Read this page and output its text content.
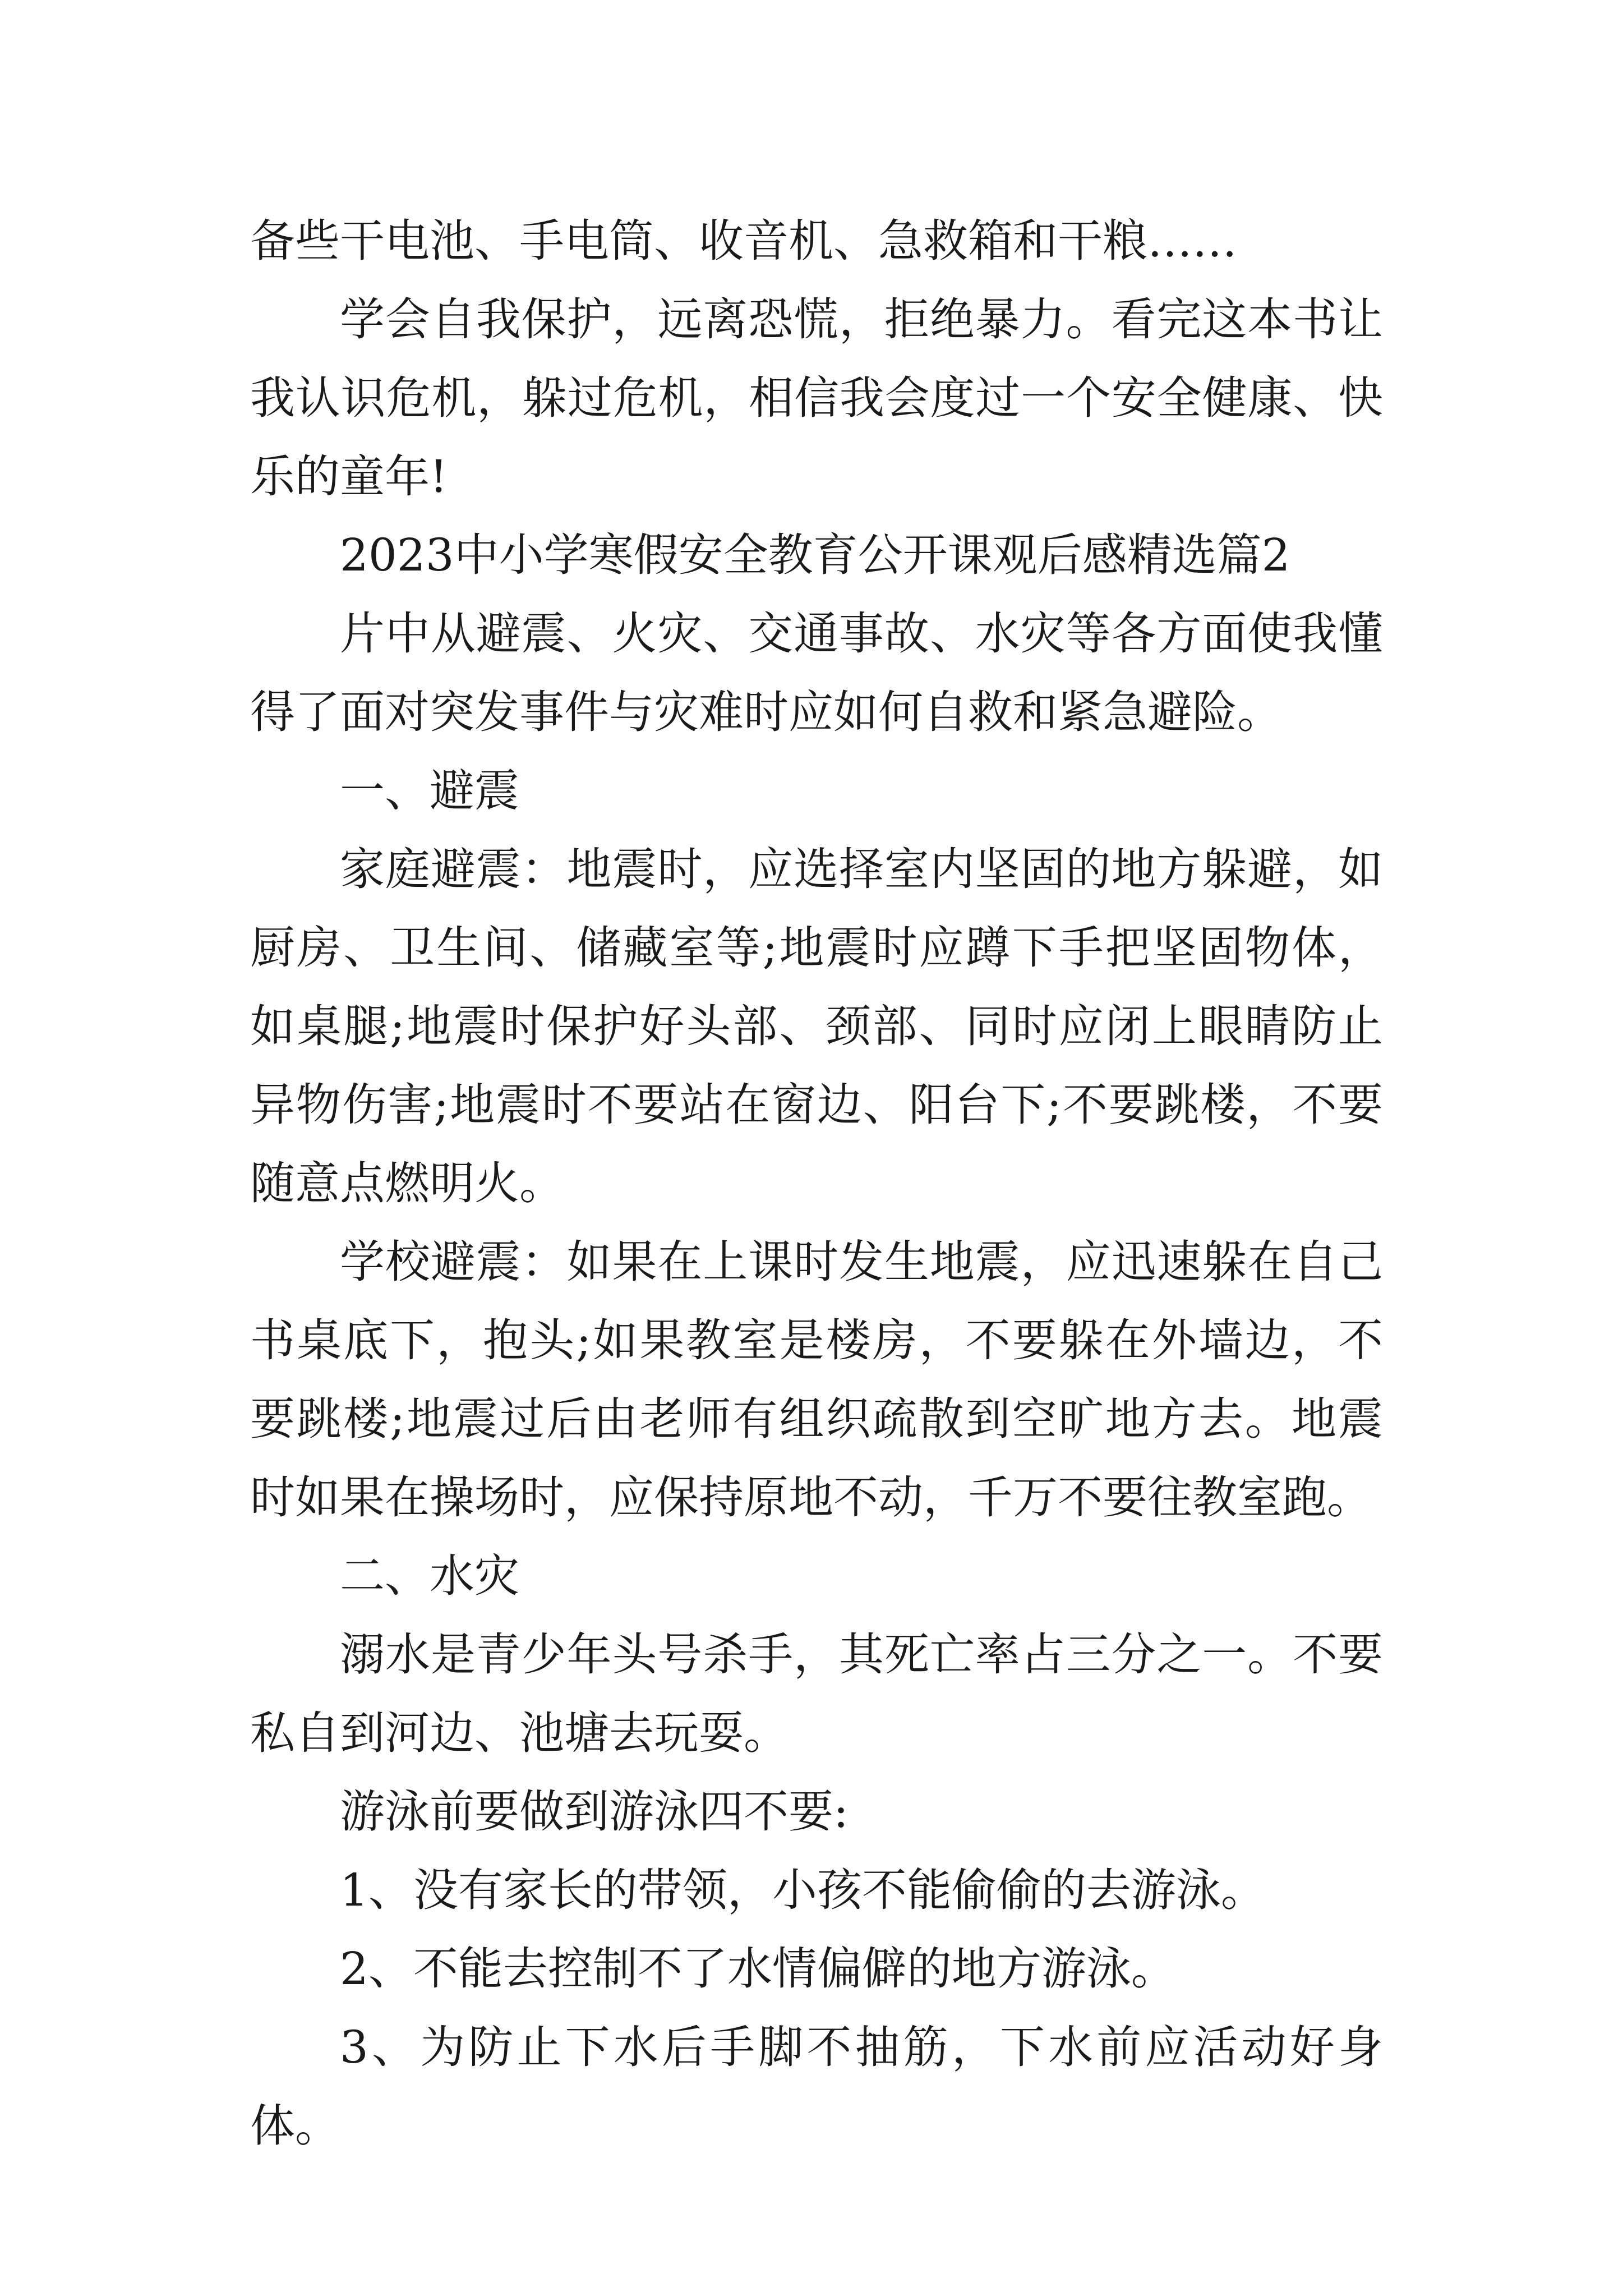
备些干电池、手电筒、收音机、急救箱和干粮……

学会自我保护，远离恐慌，拒绝暴力。看完这本书让我认识危机，躲过危机，相信我会度过一个安全健康、快乐的童年!

2023中小学寒假安全教育公开课观后感精选篇2

片中从避震、火灾、交通事故、水灾等各方面使我懂得了面对突发事件与灾难时应如何自救和紧急避险。

一、避震

家庭避震：地震时，应选择室内坚固的地方躲避，如厨房、卫生间、储藏室等;地震时应蹲下手把坚固物体，如桌腿;地震时保护好头部、颈部、同时应闭上眼睛防止异物伤害;地震时不要站在窗边、阳台下;不要跳楼，不要随意点燃明火。

学校避震：如果在上课时发生地震，应迅速躲在自己书桌底下，抱头;如果教室是楼房，不要躲在外墙边，不要跳楼;地震过后由老师有组织疏散到空旷地方去。地震时如果在操场时，应保持原地不动，千万不要往教室跑。

二、水灾

溺水是青少年头号杀手，其死亡率占三分之一。不要私自到河边、池塘去玩耍。

游泳前要做到游泳四不要:

1、没有家长的带领，小孩不能偷偷的去游泳。

2、不能去控制不了水情偏僻的地方游泳。

3、为防止下水后手脚不抽筋，下水前应活动好身体。
